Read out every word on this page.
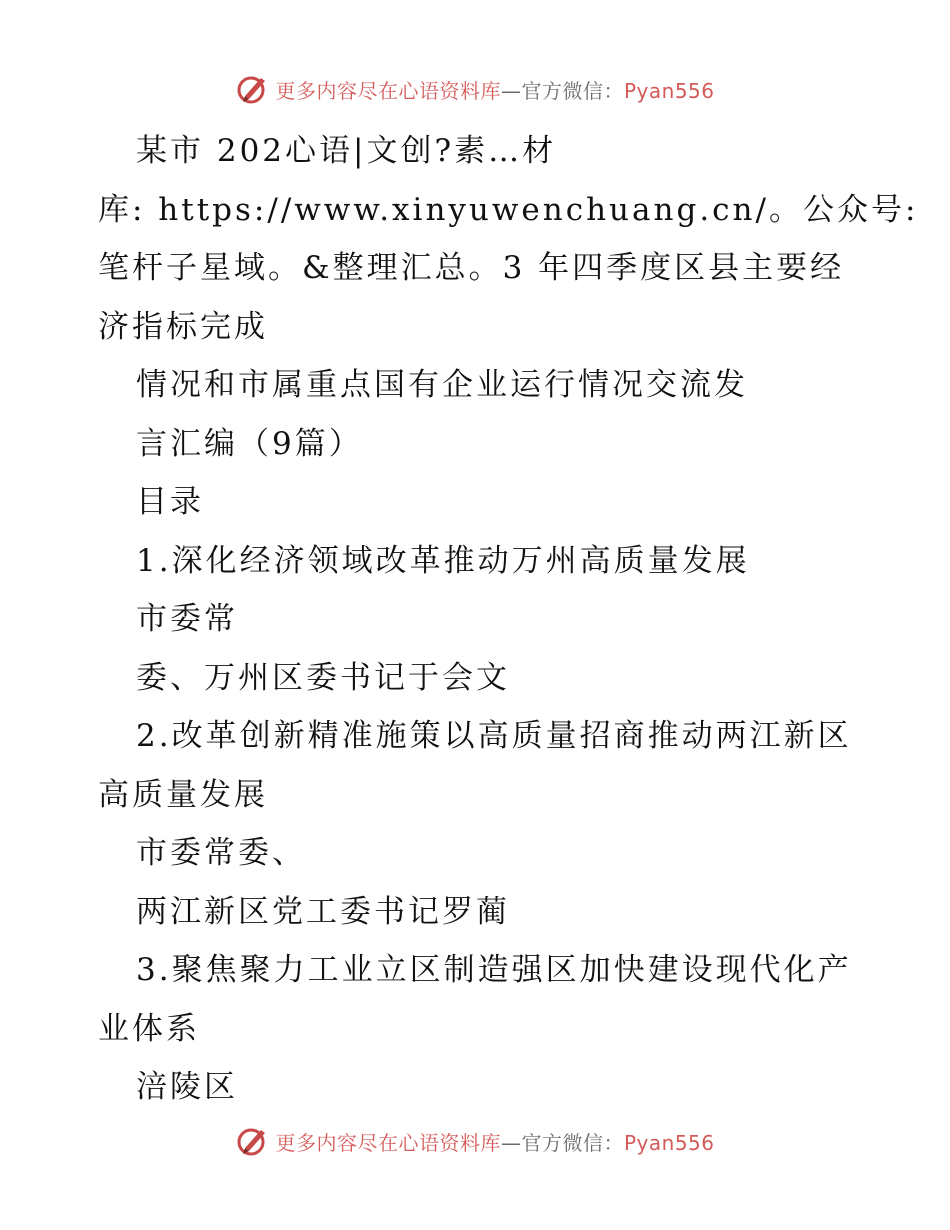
更多内容尽在心语资料库—官方微信：Pyan556
某市 202心语|文创?素…材
库: https://www.xinyuwenchuang.cn/。公众号:
笔杆子星域。&整理汇总。3 年四季度区县主要经
济指标完成
情况和市属重点国有企业运行情况交流发
言汇编（9篇）
目录
1.深化经济领域改革推动万州高质量发展
市委常
委、万州区委书记于会文
2.改革创新精准施策以高质量招商推动两江新区
高质量发展
市委常委、
两江新区党工委书记罗蔺
3.聚焦聚力工业立区制造强区加快建设现代化产
业体系
涪陵区
更多内容尽在心语资料库—官方微信：Pyan556
